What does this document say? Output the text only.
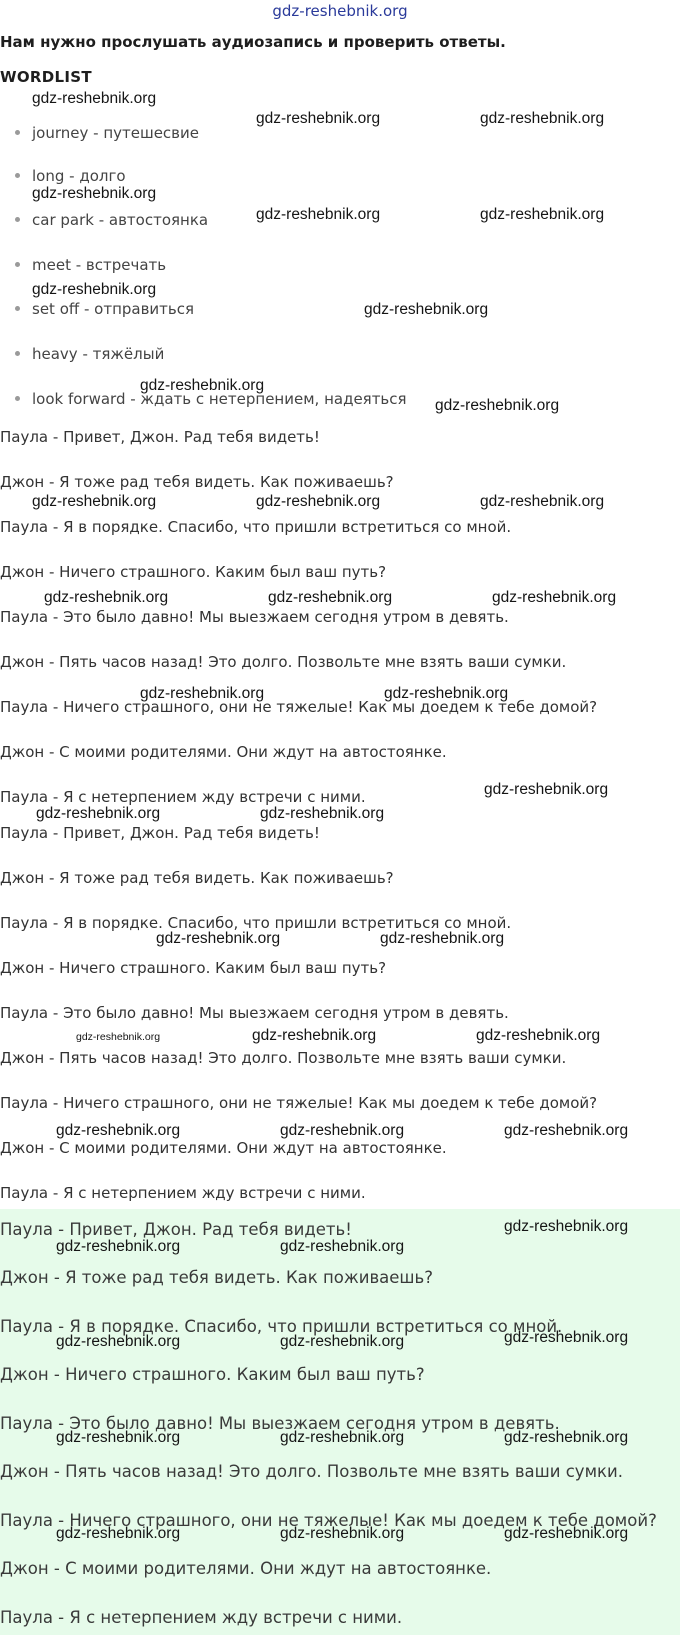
gdz-reshebnik.org
Нам нужно прослушать аудиозапись и проверить ответы.
WORDLIST
journey - путешесвие
long - долго
car park - автостоянка
meet - встречать
set off - отправиться
heavy - тяжёлый
look forward - ждать с нетерпением, надеяться
Паула - Привет, Джон. Рад тебя видеть!
Джон - Я тоже рад тебя видеть. Как поживаешь?
Паула - Я в порядке. Спасибо, что пришли встретиться со мной.
Джон - Ничего страшного. Каким был ваш путь?
Паула - Это было давно! Мы выезжаем сегодня утром в девять.
Джон - Пять часов назад! Это долго. Позвольте мне взять ваши сумки.
Паула - Ничего страшного, они не тяжелые! Как мы доедем к тебе домой?
Джон - С моими родителями. Они ждут на автостоянке.
Паула - Я с нетерпением жду встречи с ними.
Паула - Привет, Джон. Рад тебя видеть!
Джон - Я тоже рад тебя видеть. Как поживаешь?
Паула - Я в порядке. Спасибо, что пришли встретиться со мной.
Джон - Ничего страшного. Каким был ваш путь?
Паула - Это было давно! Мы выезжаем сегодня утром в девять.
Джон - Пять часов назад! Это долго. Позвольте мне взять ваши сумки.
Паула - Ничего страшного, они не тяжелые! Как мы доедем к тебе домой?
Джон - С моими родителями. Они ждут на автостоянке.
Паула - Я с нетерпением жду встречи с ними.
Паула - Привет, Джон. Рад тебя видеть!
Джон - Я тоже рад тебя видеть. Как поживаешь?
Паула - Я в порядке. Спасибо, что пришли встретиться со мной.
Джон - Ничего страшного. Каким был ваш путь?
Паула - Это было давно! Мы выезжаем сегодня утром в девять.
Джон - Пять часов назад! Это долго. Позвольте мне взять ваши сумки.
Паула - Ничего страшного, они не тяжелые! Как мы доедем к тебе домой?
Джон - С моими родителями. Они ждут на автостоянке.
Паула - Я с нетерпением жду встречи с ними.
gdz-reshebnik.org
gdz-reshebnik.org	gdz-reshebnik.org
gdz-reshebnik.org
gdz-reshebnik.org	gdz-reshebnik.org
gdz-reshebnik.org
gdz-reshebnik.org
gdz-reshebnik.org
gdz-reshebnik.org
gdz-reshebnik.org	gdz-reshebnik.org	gdz-reshebnik.org
gdz-reshebnik.org	gdz-reshebnik.org	gdz-reshebnik.org
gdz-reshebnik.org	gdz-reshebnik.org
gdz-reshebnik.org
gdz-reshebnik.org	gdz-reshebnik.org
gdz-reshebnik.org	gdz-reshebnik.org
gdz-reshebnik.org	gdz-reshebnik.org	gdz-reshebnik.org
gdz-reshebnik.org	gdz-reshebnik.org	gdz-reshebnik.org
gdz-reshebnik.org
gdz-reshebnik.org	gdz-reshebnik.org
gdz-reshebnik.org
gdz-reshebnik.org	gdz-reshebnik.org
gdz-reshebnik.org	gdz-reshebnik.org	gdz-reshebnik.org
gdz-reshebnik.org	gdz-reshebnik.org	gdz-reshebnik.org
